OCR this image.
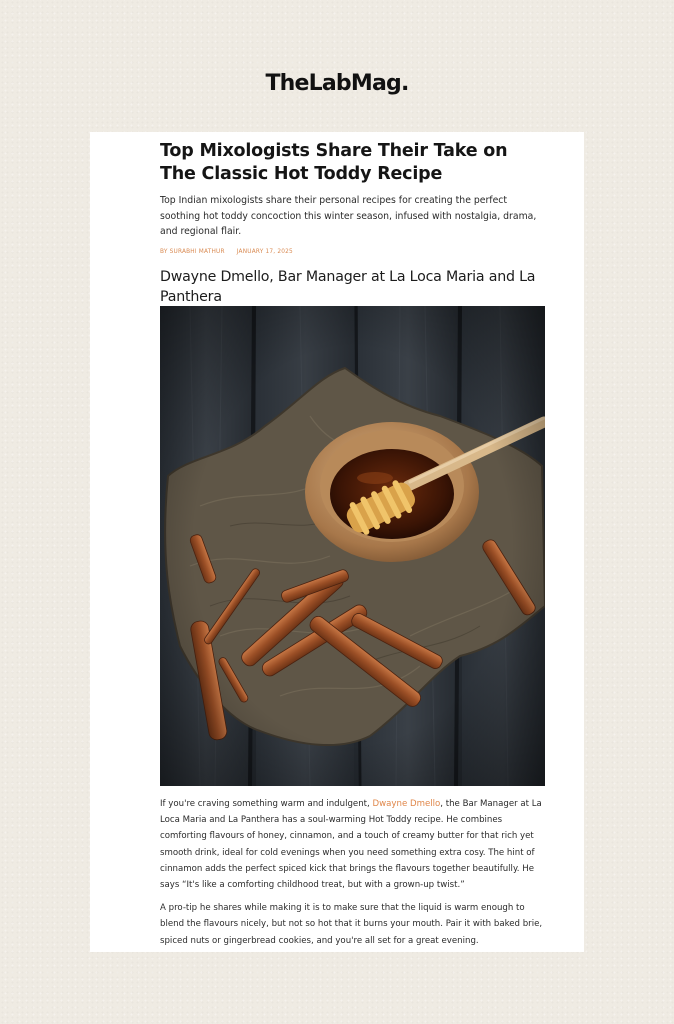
TheLabMag.
Top Mixologists Share Their Take on The Classic Hot Toddy Recipe

Top Indian mixologists share their personal recipes for creating the perfect soothing hot toddy concoction this winter season, infused with nostalgia, drama, and regional flair.

BY SURABHI MATHUR JANUARY 17, 2025
Dwayne Dmello, Bar Manager at La Loca Maria and La Panthera

If you're craving something warm and indulgent, Dwayne Dmello, the Bar Manager at La Loca Maria and La Panthera has a soul-warming Hot Toddy recipe. He combines comforting flavours of honey, cinnamon, and a touch of creamy butter for that rich yet smooth drink, ideal for cold evenings when you need something extra cosy. The hint of cinnamon adds the perfect spiced kick that brings the flavours together beautifully. He says “It's like a comforting childhood treat, but with a grown-up twist.”

A pro-tip he shares while making it is to make sure that the liquid is warm enough to blend the flavours nicely, but not so hot that it burns your mouth. Pair it with baked brie, spiced nuts or gingerbread cookies, and you're all set for a great evening.
